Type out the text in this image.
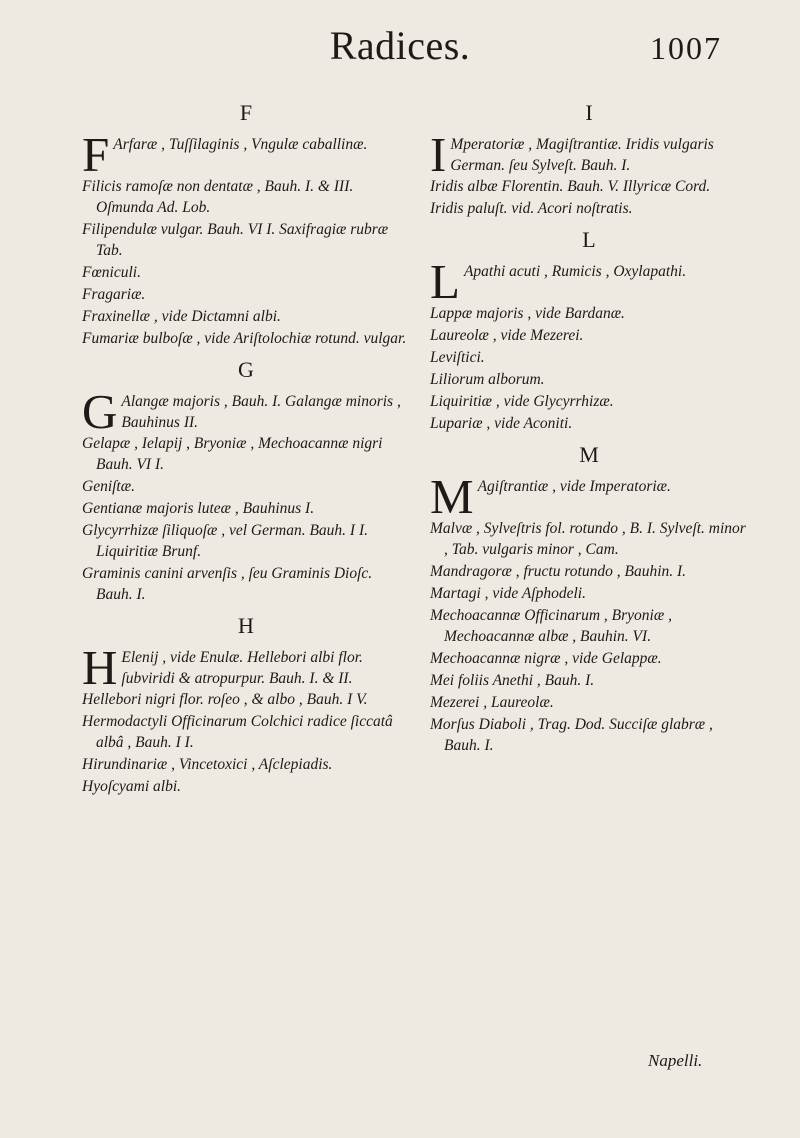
Radices.	1007
F
F Arfaræ , Tuſſilaginis , Vngulæ caballinæ.

Filicis ramoſæ non dentatæ , Bauh. I. & III. Oſmunda Ad. Lob.

Filipendulæ vulgar. Bauh. VI I. Saxifragiæ rubræ Tab.

Fœniculi.

Fragariæ.

Fraxinellæ , vide Dictamni albi.

Fumariæ bulboſæ , vide Ariſtolochiæ rotund. vulgar.

G
G Alangæ majoris , Bauh. I. Galangæ minoris , Bauhinus II.

Gelapæ , Ielapij , Bryoniæ , Mechoacannæ nigri Bauh. VI I.

Geniſtæ.

Gentianæ majoris luteæ , Bauhinus I.

Glycyrrhizæ ſiliquoſæ , vel German. Bauh. I I. Liquiritiæ Brunf.

Graminis canini arvenſis , ſeu Graminis Dioſc. Bauh. I.

H
H Elenij , vide Enulæ. Hellebori albi flor. ſubviridi & atropurpur. Bauh. I. & II.

Hellebori nigri flor. roſeo , & albo , Bauh. I V.

Hermodactyli Officinarum Colchici radice ſiccatâ albâ , Bauh. I I.

Hirundinariæ , Vincetoxici , Aſclepiadis.

Hyoſcyami albi.

I
I Mperatoriæ , Magiſtrantiæ. Iridis vulgaris German. ſeu Sylveſt. Bauh. I.

Iridis albæ Florentin. Bauh. V. Illyricæ Cord.

Iridis paluſt. vid. Acori noſtratis.

L
L Apathi acuti , Rumicis , Oxylapathi.

Lappæ majoris , vide Bardanæ.

Laureolæ , vide Mezerei.

Leviſtici.

Liliorum alborum.

Liquiritiæ , vide Glycyrrhizæ.

Lupariæ , vide Aconiti.

M
M Agiſtrantiæ , vide Imperatoriæ.

Malvæ , Sylveſtris fol. rotundo , B. I. Sylveſt. minor , Tab. vulgaris minor , Cam.

Mandragoræ , fructu rotundo , Bauhin. I.

Martagi , vide Aſphodeli.

Mechoacannæ Officinarum , Bryoniæ , Mechoacannæ albæ , Bauhin. VI.

Mechoacannæ nigræ , vide Gelappæ.

Mei foliis Anethi , Bauh. I.

Mezerei , Laureolæ.

Morſus Diaboli , Trag. Dod. Succiſæ glabræ , Bauh. I.

Napelli.
